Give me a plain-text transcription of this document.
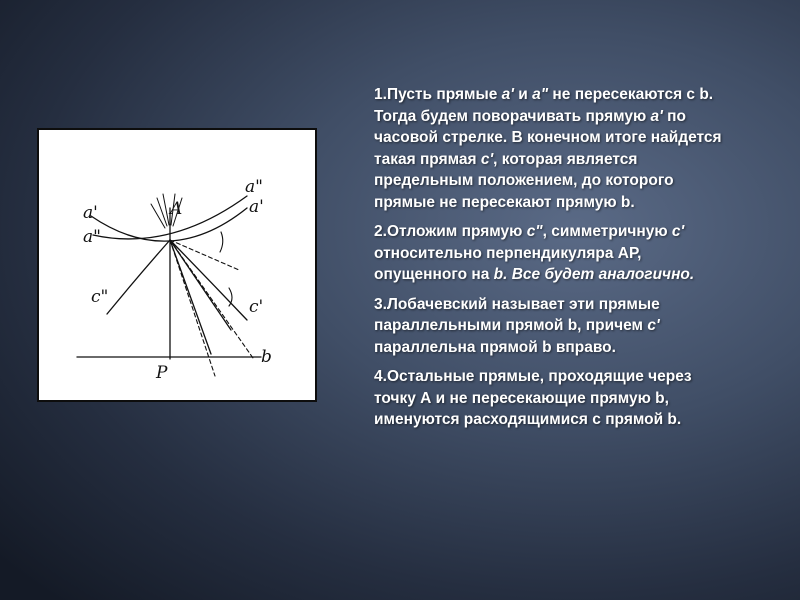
a'
a"
A
a"
a'
c"	c'
P
b

1.Пусть прямые a' и a" не пересекаются с b. Тогда будем поворачивать прямую a' по часовой стрелке. В конечном итоге найдется такая прямая c', которая является предельным положением, до которого прямые не пересекают прямую b.

2.Отложим прямую c", симметричную c' относительно перпендикуляра АР, опущенного на b. Все будет аналогично.

3.Лобачевский называет эти прямые параллельными прямой b, причем c' параллельна прямой b вправо.

4.Остальные прямые, проходящие через точку А и не пересекающие прямую b, именуются расходящимися с прямой b.
